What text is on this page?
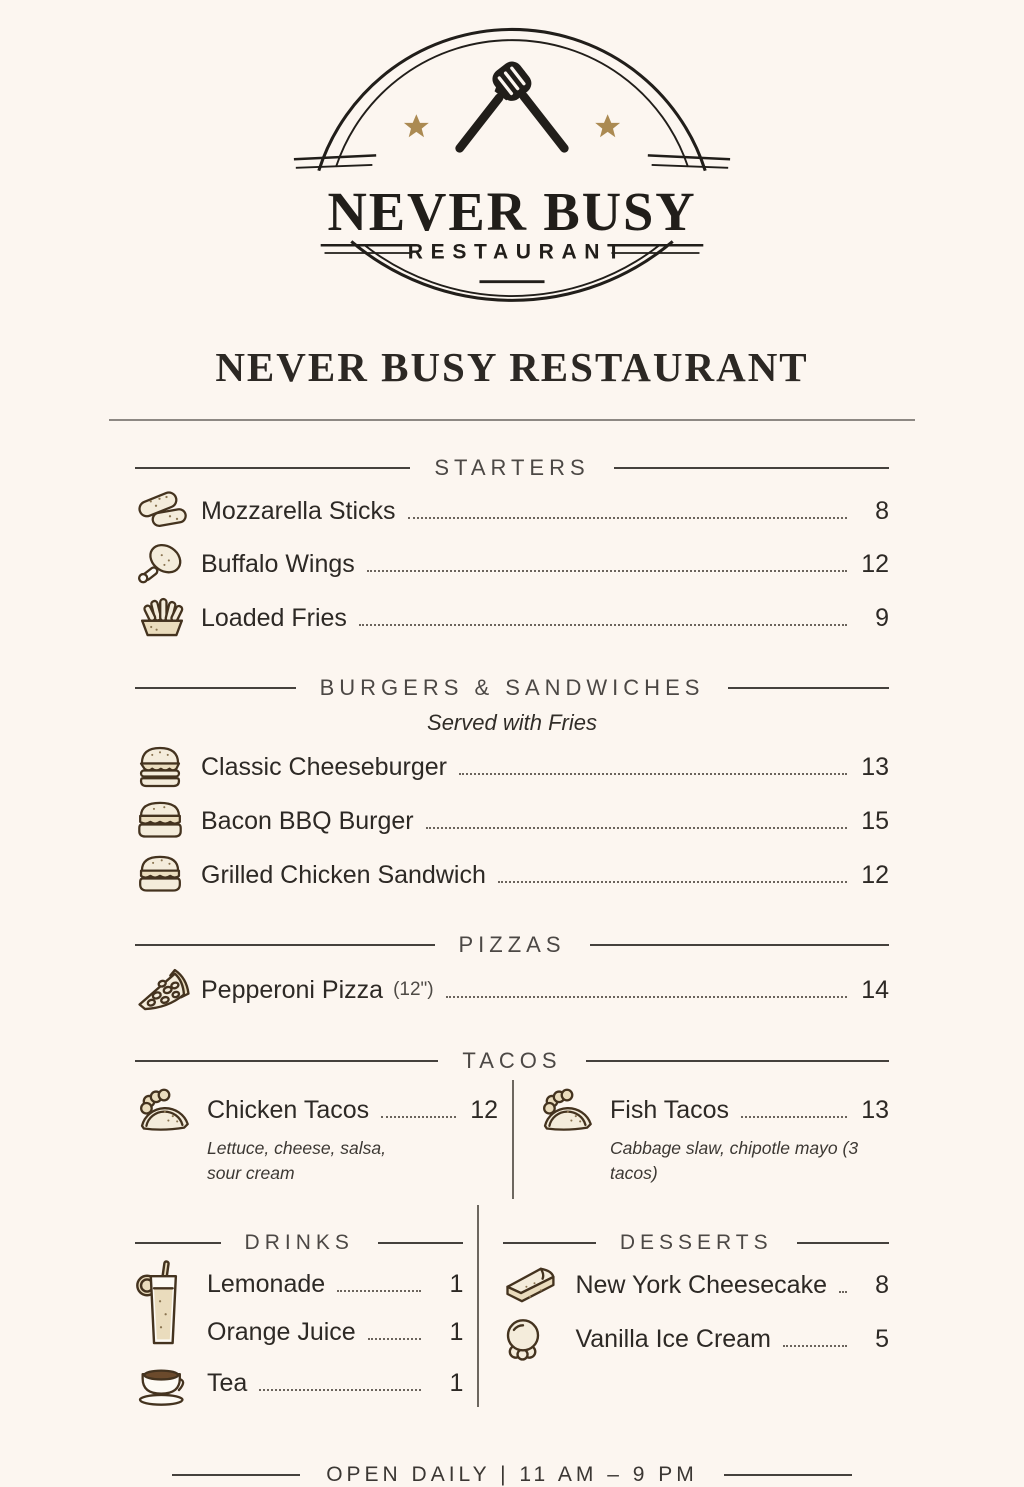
NEVER BUSY
RESTAURANT
NEVER BUSY RESTAURANT
STARTERS
Mozzarella Sticks	8
Buffalo Wings	12
Loaded Fries	9
BURGERS & SANDWICHES
Served with Fries
Classic Cheeseburger	13
Bacon BBQ Burger	15
Grilled Chicken Sandwich	12
PIZZAS
Pepperoni Pizza (12")	14
TACOS
Chicken Tacos	12
Lettuce, cheese, salsa, sour cream
Fish Tacos	13
Cabbage slaw, chipotle mayo (3 tacos)
DRINKS
Lemonade	1
Orange Juice	1
Tea	1
DESSERTS
New York Cheesecake	8
Vanilla Ice Cream	5
OPEN DAILY | 11 AM – 9 PM
